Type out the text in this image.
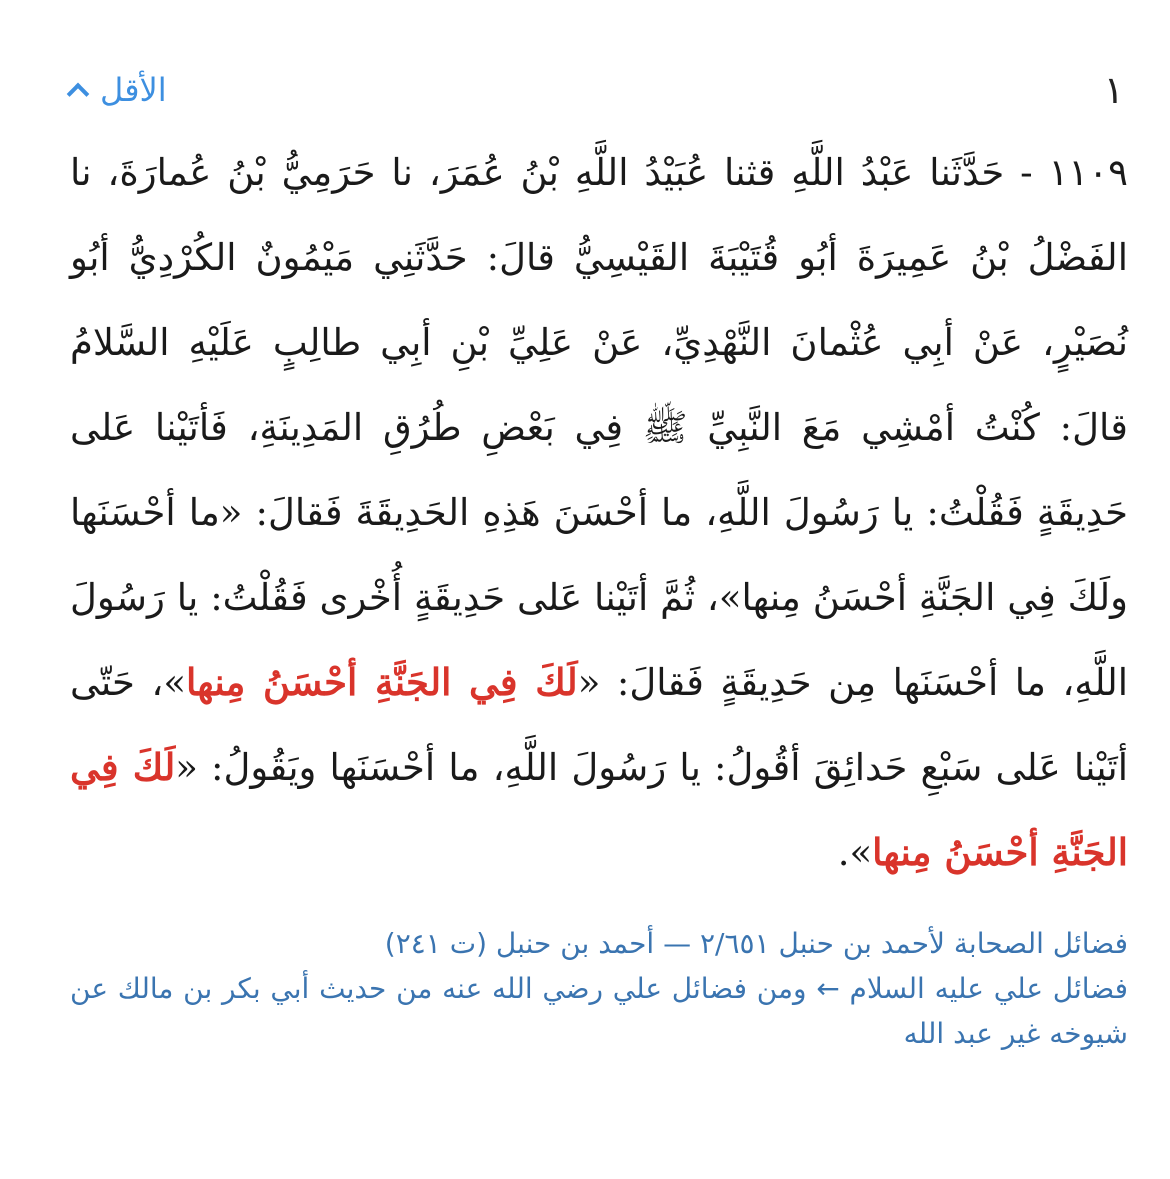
١
الأقل

١١٠٩ - حَدَّثَنا عَبْدُ اللَّهِ قثنا عُبَيْدُ اللَّهِ بْنُ عُمَرَ، نا حَرَمِيُّ بْنُ عُمارَةَ، نا الفَضْلُ بْنُ عَمِيرَةَ أبُو قُتَيْبَةَ القَيْسِيُّ قالَ: حَدَّثَنِي مَيْمُونٌ الكُرْدِيُّ أبُو نُصَيْرٍ، عَنْ أبِي عُثْمانَ النَّهْدِيِّ، عَنْ عَلِيِّ بْنِ أبِي طالِبٍ عَلَيْهِ السَّلامُ قالَ: كُنْتُ أمْشِي مَعَ النَّبِيِّ ﷺ فِي بَعْضِ طُرُقِ المَدِينَةِ، فَأتَيْنا عَلى حَدِيقَةٍ فَقُلْتُ: يا رَسُولَ اللَّهِ، ما أحْسَنَ هَذِهِ الحَدِيقَةَ فَقالَ: «ما أحْسَنَها ولَكَ فِي الجَنَّةِ أحْسَنُ مِنها»، ثُمَّ أتَيْنا عَلى حَدِيقَةٍ أُخْرى فَقُلْتُ: يا رَسُولَ اللَّهِ، ما أحْسَنَها مِن حَدِيقَةٍ فَقالَ: «لَكَ فِي الجَنَّةِ أحْسَنُ مِنها»، حَتّى أتَيْنا عَلى سَبْعِ حَدائِقَ أقُولُ: يا رَسُولَ اللَّهِ، ما أحْسَنَها ويَقُولُ: «لَكَ فِي الجَنَّةِ أحْسَنُ مِنها».

فضائل الصحابة لأحمد بن حنبل ٢/٦٥١ — أحمد بن حنبل (ت ٢٤١)
فضائل علي عليه السلام ← ومن فضائل علي رضي الله عنه من حديث أبي بكر بن مالك عن شيوخه غير عبد الله
